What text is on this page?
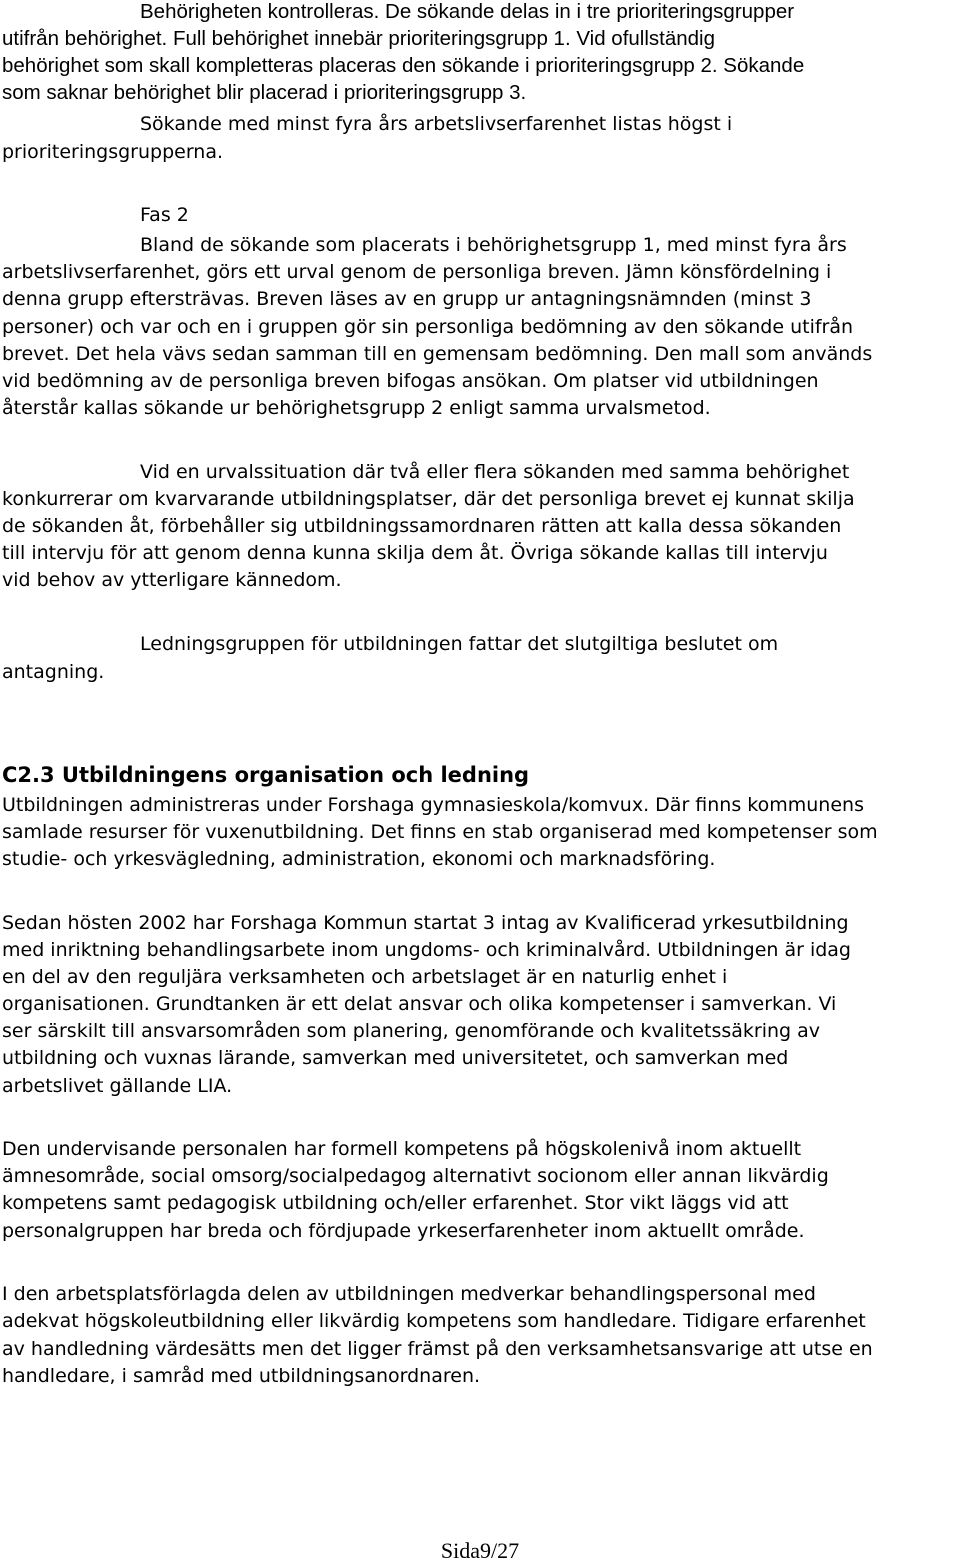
Behörigheten kontrolleras. De sökande delas in i tre prioriteringsgrupper
utifrån behörighet. Full behörighet innebär prioriteringsgrupp 1. Vid ofullständig
behörighet som skall kompletteras placeras den sökande i prioriteringsgrupp 2. Sökande
som saknar behörighet blir placerad i prioriteringsgrupp 3.
Sökande med minst fyra års arbetslivserfarenhet listas högst i
prioriteringsgrupperna.
Fas 2
Bland de sökande som placerats i behörighetsgrupp 1, med minst fyra års
arbetslivserfarenhet, görs ett urval genom de personliga breven. Jämn könsfördelning i
denna grupp eftersträvas. Breven läses av en grupp ur antagningsnämnden (minst 3
personer) och var och en i gruppen gör sin personliga bedömning av den sökande utifrån
brevet. Det hela vävs sedan samman till en gemensam bedömning. Den mall som används
vid bedömning av de personliga breven bifogas ansökan. Om platser vid utbildningen
återstår kallas sökande ur behörighetsgrupp 2 enligt samma urvalsmetod.
Vid en urvalssituation där två eller flera sökanden med samma behörighet
konkurrerar om kvarvarande utbildningsplatser, där det personliga brevet ej kunnat skilja
de sökanden åt, förbehåller sig utbildningssamordnaren rätten att kalla dessa sökanden
till intervju för att genom denna kunna skilja dem åt. Övriga sökande kallas till intervju
vid behov av ytterligare kännedom.
Ledningsgruppen för utbildningen fattar det slutgiltiga beslutet om
antagning.
C2.3 Utbildningens organisation och ledning
Utbildningen administreras under Forshaga gymnasieskola/komvux. Där finns kommunens
samlade resurser för vuxenutbildning. Det finns en stab organiserad med kompetenser som
studie- och yrkesvägledning, administration, ekonomi och marknadsföring.
Sedan hösten 2002 har Forshaga Kommun startat 3 intag av Kvalificerad yrkesutbildning
med inriktning behandlingsarbete inom ungdoms- och kriminalvård. Utbildningen är idag
en del av den reguljära verksamheten och arbetslaget är en naturlig enhet i
organisationen. Grundtanken är ett delat ansvar och olika kompetenser i samverkan. Vi
ser särskilt till ansvarsområden som planering, genomförande och kvalitetssäkring av
utbildning och vuxnas lärande, samverkan med universitetet, och samverkan med
arbetslivet gällande LIA.
Den undervisande personalen har formell kompetens på högskolenivå inom aktuellt
ämnesområde, social omsorg/socialpedagog alternativt socionom eller annan likvärdig
kompetens samt pedagogisk utbildning och/eller erfarenhet. Stor vikt läggs vid att
personalgruppen har breda och fördjupade yrkeserfarenheter inom aktuellt område.
I den arbetsplatsförlagda delen av utbildningen medverkar behandlingspersonal med
adekvat högskoleutbildning eller likvärdig kompetens som handledare. Tidigare erfarenhet
av handledning värdesätts men det ligger främst på den verksamhetsansvarige att utse en
handledare, i samråd med utbildningsanordnaren.
Sida9/27
